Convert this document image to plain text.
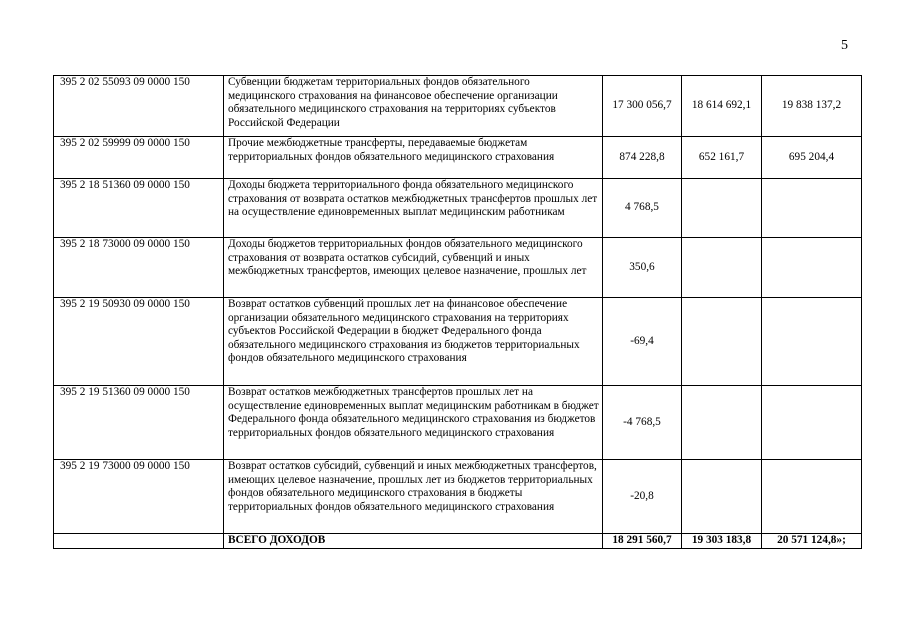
5
395 2 02 55093 09 0000 150	Субвенции бюджетам территориальных фондов обязательного медицинского страхования на финансовое обеспечение организации обязательного медицинского страхования на территориях субъектов Российской Федерации	17 300 056,7	18 614 692,1	19 838 137,2
395 2 02 59999 09 0000 150	Прочие межбюджетные трансферты, передаваемые бюджетам территориальных фондов обязательного медицинского страхования	874 228,8	652 161,7	695 204,4
395 2 18 51360 09 0000 150	Доходы бюджета территориального фонда обязательного медицинского страхования от возврата остатков межбюджетных трансфертов прошлых лет на осуществление единовременных выплат медицинским работникам	4 768,5		
395 2 18 73000 09 0000 150	Доходы бюджетов территориальных фондов обязательного медицинского страхования от возврата остатков субсидий, субвенций и иных межбюджетных трансфертов, имеющих целевое назначение, прошлых лет	350,6		
395 2 19 50930 09 0000 150	Возврат остатков субвенций прошлых лет на финансовое обеспечение организации обязательного медицинского страхования на территориях субъектов Российской Федерации в бюджет Федерального фонда обязательного медицинского страхования из бюджетов территориальных фондов обязательного медицинского страхования	-69,4		
395 2 19 51360 09 0000 150	Возврат остатков межбюджетных трансфертов прошлых лет на осуществление единовременных выплат медицинским работникам в бюджет Федерального фонда обязательного медицинского страхования из бюджетов территориальных фондов обязательного медицинского страхования	-4 768,5		
395 2 19 73000 09 0000 150	Возврат остатков субсидий, субвенций и иных межбюджетных трансфертов, имеющих целевое назначение, прошлых лет из бюджетов территориальных фондов обязательного медицинского страхования в бюджеты территориальных фондов обязательного медицинского страхования	-20,8		
	ВСЕГО ДОХОДОВ	18 291 560,7	19 303 183,8	20 571 124,8»;
